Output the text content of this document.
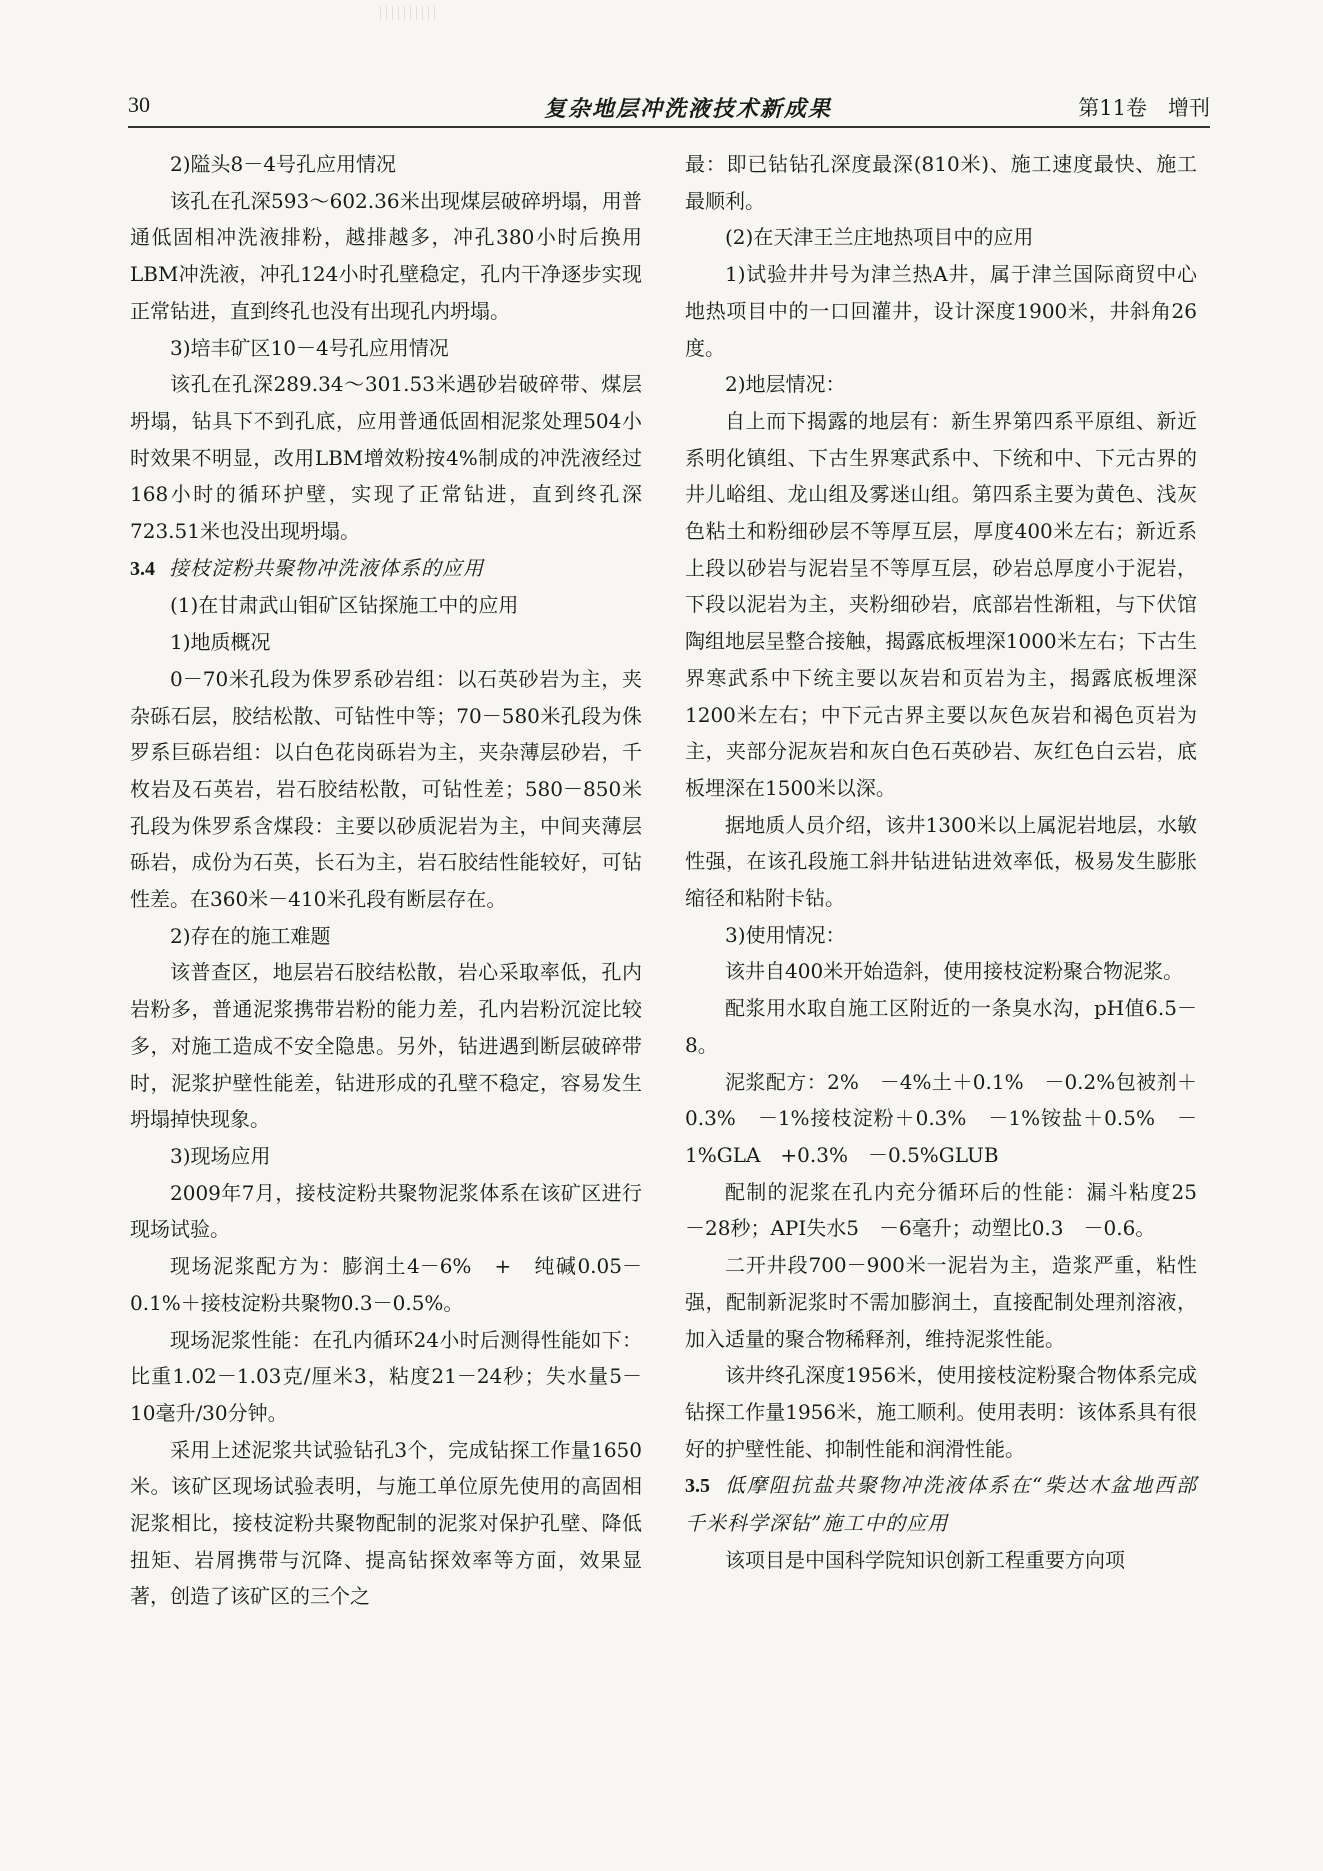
30	复杂地层冲洗液技术新成果	第11卷　增刊

2)隘头8－4号孔应用情况

该孔在孔深593～602.36米出现煤层破碎坍塌，用普通低固相冲洗液排粉，越排越多，冲孔380小时后换用LBM冲洗液，冲孔124小时孔壁稳定，孔内干净逐步实现正常钻进，直到终孔也没有出现孔内坍塌。

3)培丰矿区10－4号孔应用情况

该孔在孔深289.34～301.53米遇砂岩破碎带、煤层坍塌，钻具下不到孔底，应用普通低固相泥浆处理504小时效果不明显，改用LBM增效粉按4%制成的冲洗液经过168小时的循环护壁，实现了正常钻进，直到终孔深723.51米也没出现坍塌。

3.4 接枝淀粉共聚物冲洗液体系的应用

(1)在甘肃武山钼矿区钻探施工中的应用

1)地质概况

0－70米孔段为侏罗系砂岩组：以石英砂岩为主，夹杂砾石层，胶结松散、可钻性中等；70－580米孔段为侏罗系巨砾岩组：以白色花岗砾岩为主，夹杂薄层砂岩，千枚岩及石英岩，岩石胶结松散，可钻性差；580－850米孔段为侏罗系含煤段：主要以砂质泥岩为主，中间夹薄层砾岩，成份为石英，长石为主，岩石胶结性能较好，可钻性差。在360米－410米孔段有断层存在。

2)存在的施工难题

该普查区，地层岩石胶结松散，岩心采取率低，孔内岩粉多，普通泥浆携带岩粉的能力差，孔内岩粉沉淀比较多，对施工造成不安全隐患。另外，钻进遇到断层破碎带时，泥浆护壁性能差，钻进形成的孔壁不稳定，容易发生坍塌掉快现象。

3)现场应用

2009年7月，接枝淀粉共聚物泥浆体系在该矿区进行现场试验。

现场泥浆配方为：膨润土4－6%　+　纯碱0.05－0.1%＋接枝淀粉共聚物0.3－0.5%。

现场泥浆性能：在孔内循环24小时后测得性能如下：比重1.02－1.03克/厘米3，粘度21－24秒；失水量5－10毫升/30分钟。

采用上述泥浆共试验钻孔3个，完成钻探工作量1650米。该矿区现场试验表明，与施工单位原先使用的高固相泥浆相比，接枝淀粉共聚物配制的泥浆对保护孔壁、降低扭矩、岩屑携带与沉降、提高钻探效率等方面，效果显著，创造了该矿区的三个之

最：即已钻钻孔深度最深(810米)、施工速度最快、施工最顺利。

(2)在天津王兰庄地热项目中的应用

1)试验井井号为津兰热A井，属于津兰国际商贸中心地热项目中的一口回灌井，设计深度1900米，井斜角26度。

2)地层情况：

自上而下揭露的地层有：新生界第四系平原组、新近系明化镇组、下古生界寒武系中、下统和中、下元古界的井儿峪组、龙山组及雾迷山组。第四系主要为黄色、浅灰色粘土和粉细砂层不等厚互层，厚度400米左右；新近系上段以砂岩与泥岩呈不等厚互层，砂岩总厚度小于泥岩，下段以泥岩为主，夹粉细砂岩，底部岩性渐粗，与下伏馆陶组地层呈整合接触，揭露底板埋深1000米左右；下古生界寒武系中下统主要以灰岩和页岩为主，揭露底板埋深1200米左右；中下元古界主要以灰色灰岩和褐色页岩为主，夹部分泥灰岩和灰白色石英砂岩、灰红色白云岩，底板埋深在1500米以深。

据地质人员介绍，该井1300米以上属泥岩地层，水敏性强，在该孔段施工斜井钻进钻进效率低，极易发生膨胀缩径和粘附卡钻。

3)使用情况：

该井自400米开始造斜，使用接枝淀粉聚合物泥浆。

配浆用水取自施工区附近的一条臭水沟，pH值6.5－8。

泥浆配方：2%　－4%土＋0.1%　－0.2%包被剂＋0.3%　－1%接枝淀粉＋0.3%　－1%铵盐＋0.5%　－1%GLA　+0.3%　－0.5%GLUB

配制的泥浆在孔内充分循环后的性能：漏斗粘度25　－28秒；API失水5　－6毫升；动塑比0.3　－0.6。

二开井段700－900米一泥岩为主，造浆严重，粘性强，配制新泥浆时不需加膨润土，直接配制处理剂溶液，加入适量的聚合物稀释剂，维持泥浆性能。

该井终孔深度1956米，使用接枝淀粉聚合物体系完成钻探工作量1956米，施工顺利。使用表明：该体系具有很好的护壁性能、抑制性能和润滑性能。

3.5 低摩阻抗盐共聚物冲洗液体系在“柴达木盆地西部千米科学深钻”施工中的应用

该项目是中国科学院知识创新工程重要方向项
